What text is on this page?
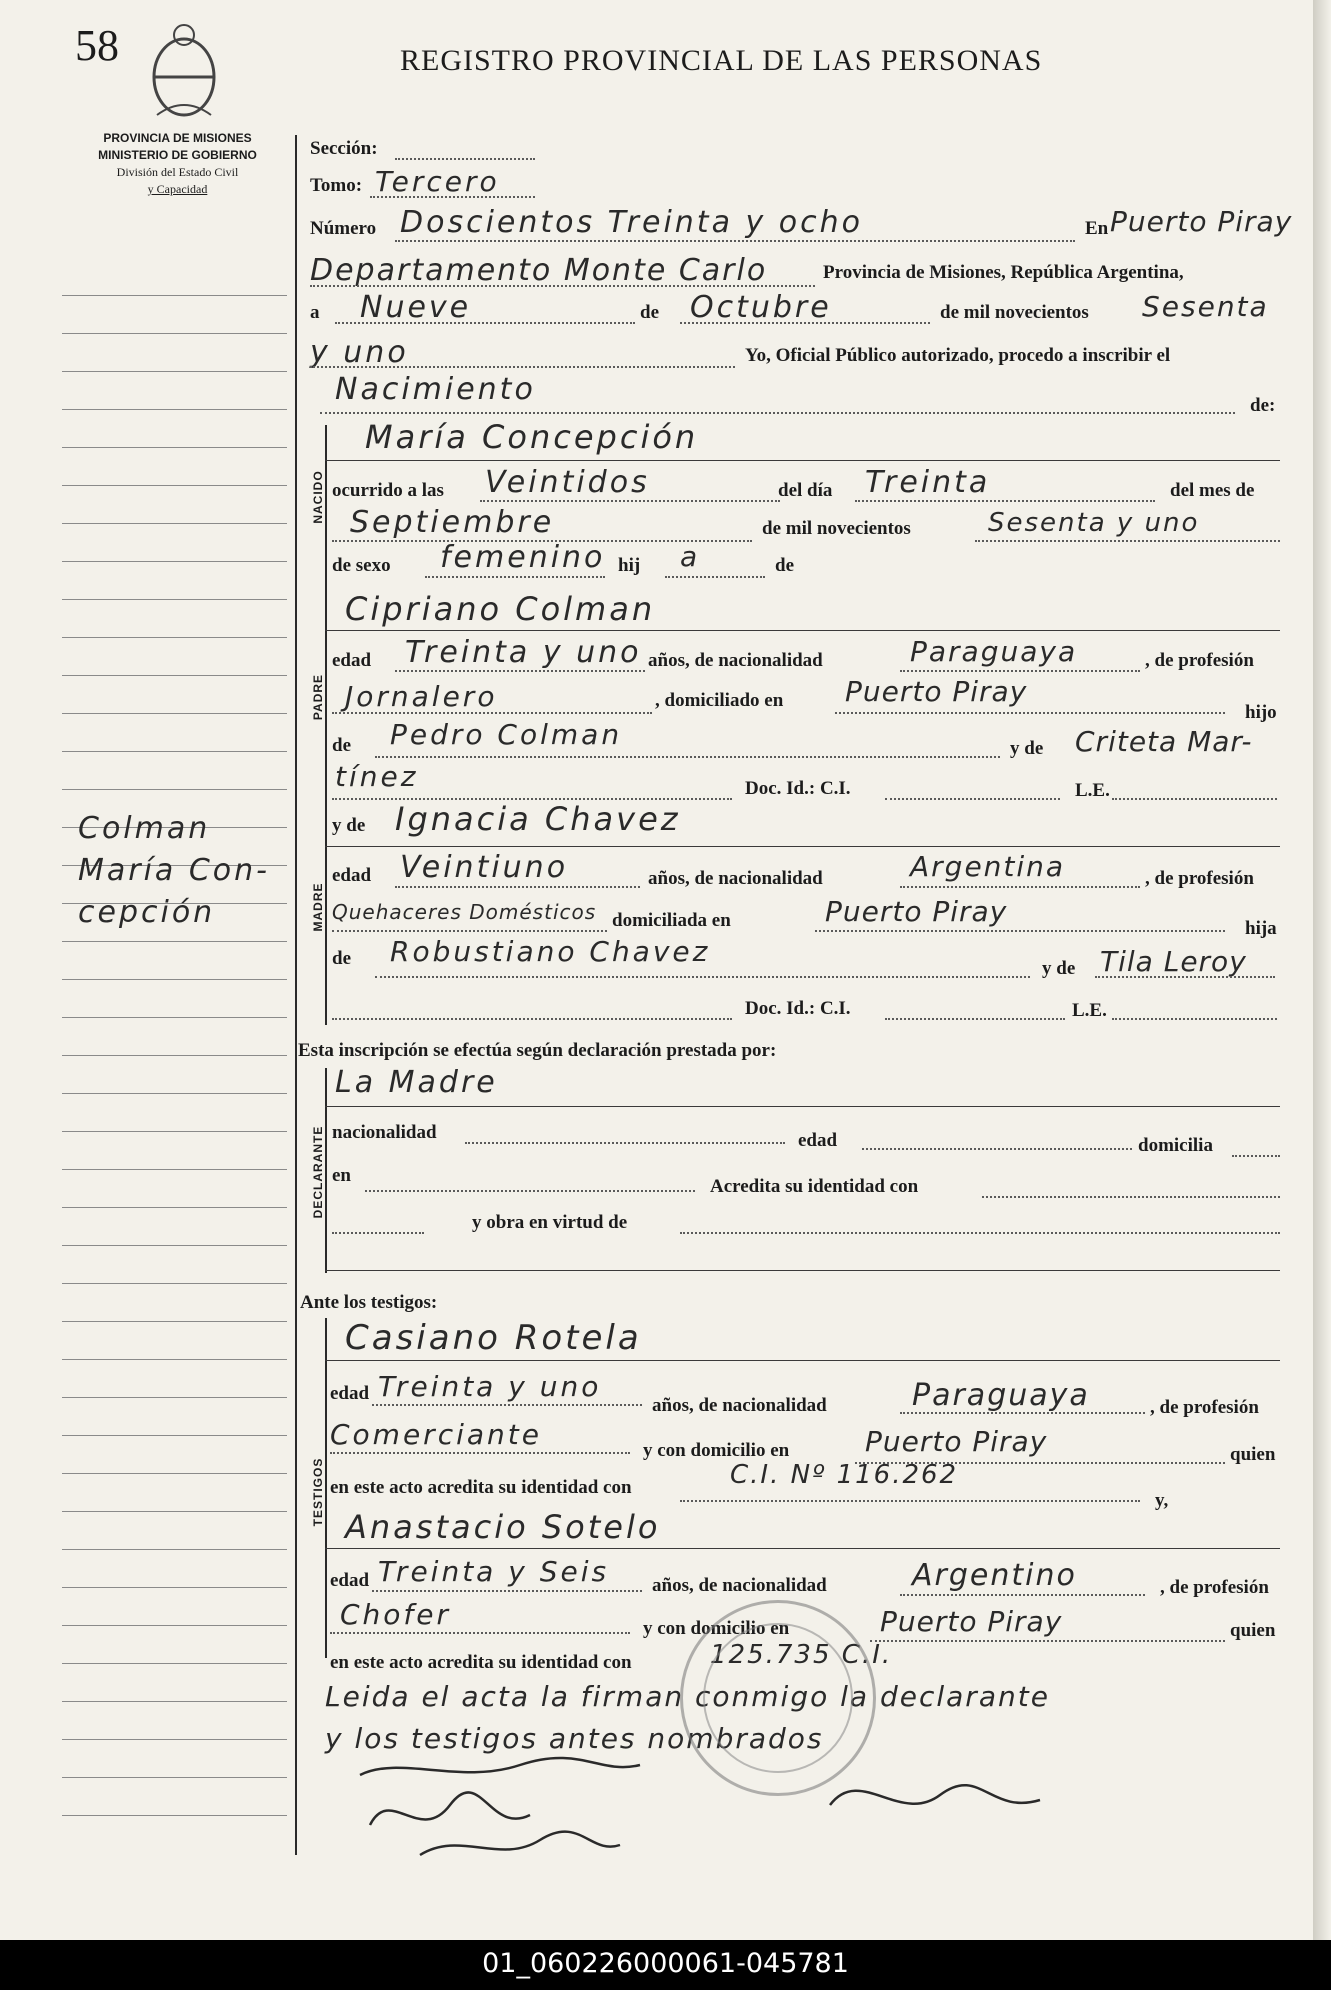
58	REGISTRO PROVINCIAL DE LAS PERSONAS
PROVINCIA DE MISIONES
MINISTERIO DE GOBIERNO
División del Estado Civil
y Capacidad
Colman
María Con-
cepción
Sección:
Tomo: Tercero
Número Doscientos Treinta y ocho	En Puerto Piray
Departamento Monte Carlo	Provincia de Misiones, República Argentina,
a Nueve	de Octubre	de mil novecientos Sesenta
y uno	Yo, Oficial Público autorizado, procedo a inscribir el
Nacimiento	de:
NACIDO
María Concepción
ocurrido a las Veintidos	del día Treinta	del mes de
Septiembre	de mil novecientos	Sesenta y uno
de sexo femenino hij a	de
Cipriano Colman
PADRE
edad Treinta y uno años, de nacionalidad	Paraguaya	, de profesión
Jornalero	, domiciliado en Puerto Piray
hijo
de Pedro Colman	y de Criteta Mar-
tínez	Doc. Id.: C.I.	L.E.
MADRE
y de Ignacia Chavez
edad Veintiuno	años, de nacionalidad	Argentina	, de profesión
Quehaceres Domésticos domiciliada en	Puerto Piray
hija
de Robustiano Chavez
y de Tila Leroy
Doc. Id.: C.I.	L.E.
Esta inscripción se efectúa según declaración prestada por:
DECLARANTE
La Madre
nacionalidad	edad	domicilia
en
Acredita su identidad con
y obra en virtud de
Ante los testigos:
TESTIGOS
Casiano Rotela
edad Treinta y uno
años, de nacionalidad	Paraguaya	, de profesión
Comerciante	y con domicilio en	Puerto Piray	quien
en este acto acredita su identidad con	C.I. Nº 116.262
y,
Anastacio Sotelo
edad Treinta y Seis años, de nacionalidad	Argentino	, de profesión
Chofer	y con domicilio en	Puerto Piray	quien
en este acto acredita su identidad con	125.735 C.I.
Leida el acta la firman conmigo la declarante
y los testigos antes nombrados
01_060226000061-045781
